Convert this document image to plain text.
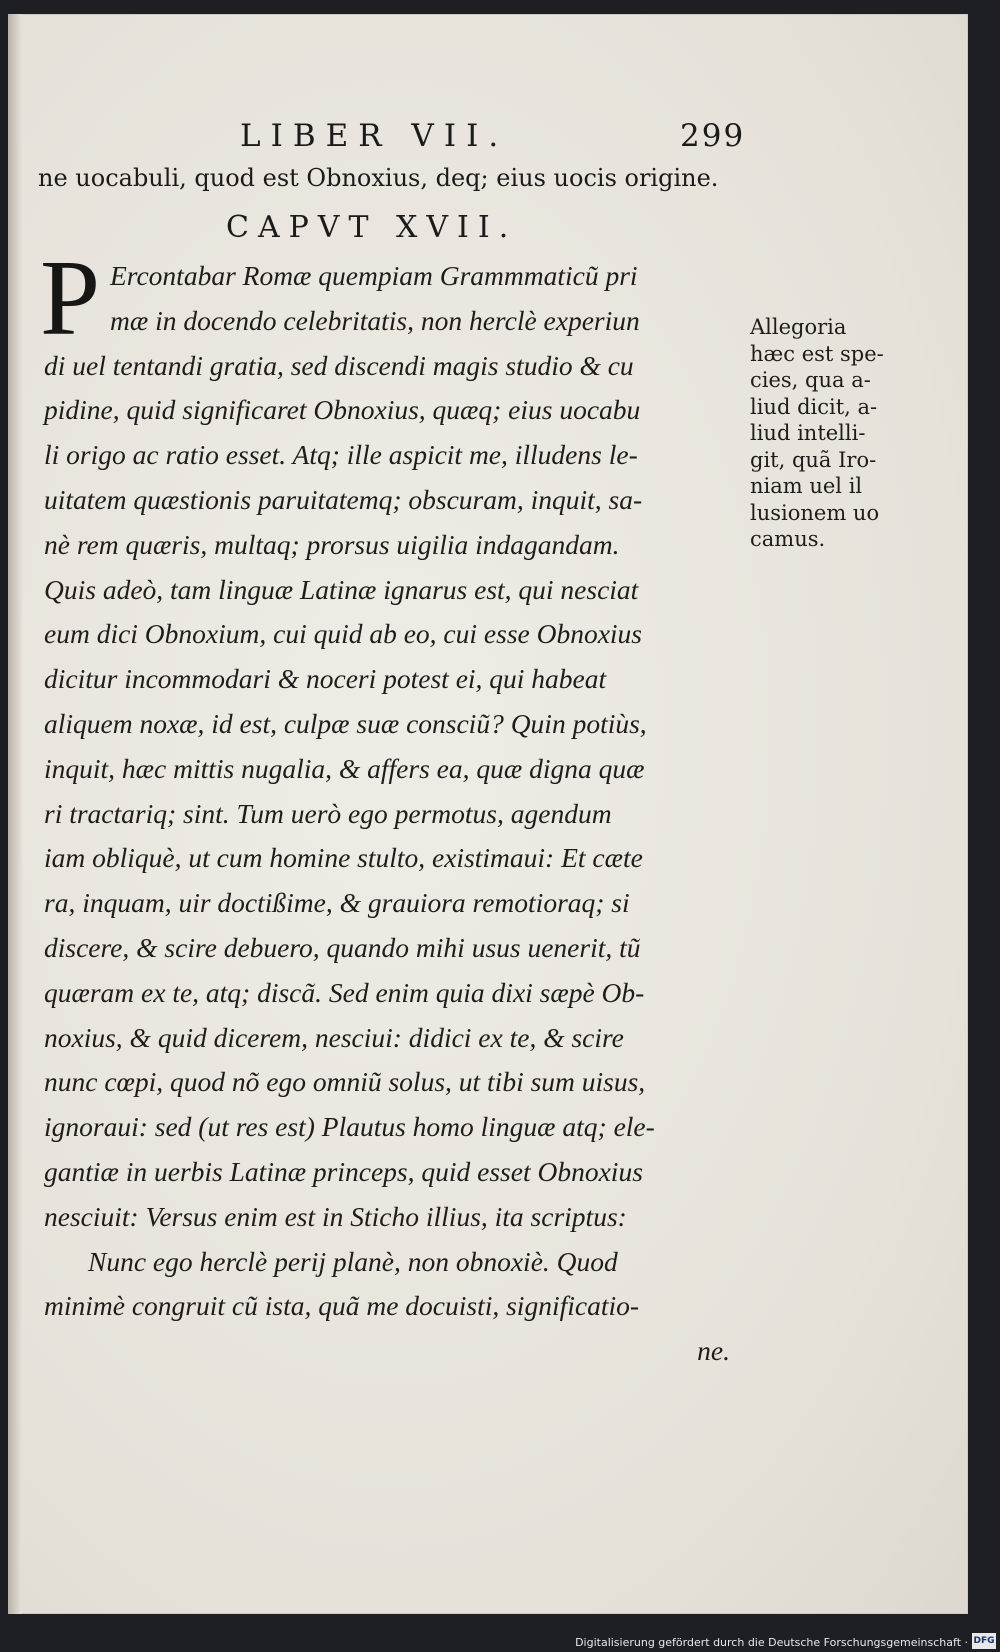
LIBER VII.	299
ne uocabuli, quod est Obnoxius, deq; eius uocis origine.
CAPVT XVII.
P Ercontabar Romæ quempiam Grammmaticũ pri
mæ in docendo celebritatis, non herclè experiun
di uel tentandi gratia, sed discendi magis studio & cu
pidine, quid significaret Obnoxius, quæq; eius uocabu
li origo ac ratio esset. Atq; ille aspicit me, illudens le-
uitatem quæstionis paruitatemq; obscuram, inquit, sa-
nè rem quæris, multaq; prorsus uigilia indagandam.
Quis adeò, tam linguæ Latinæ ignarus est, qui nesciat
eum dici Obnoxium, cui quid ab eo, cui esse Obnoxius
dicitur incommodari & noceri potest ei, qui habeat
aliquem noxæ, id est, culpæ suæ consciũ? Quin potiùs,
inquit, hæc mittis nugalia, & affers ea, quæ digna quæ
ri tractariq; sint. Tum uerò ego permotus, agendum
iam obliquè, ut cum homine stulto, existimaui: Et cæte
ra, inquam, uir doctißime, & grauiora remotioraq; si
discere, & scire debuero, quando mihi usus uenerit, tũ
quæram ex te, atq; discã. Sed enim quia dixi sæpè Ob-
noxius, & quid dicerem, nesciui: didici ex te, & scire
nunc cœpi, quod nõ ego omniũ solus, ut tibi sum uisus,
ignoraui: sed (ut res est) Plautus homo linguæ atq; ele-
gantiæ in uerbis Latinæ princeps, quid esset Obnoxius
nesciuit: Versus enim est in Sticho illius, ita scriptus:
Nunc ego herclè perij planè, non obnoxiè. Quod
minimè congruit cũ ista, quã me docuisti, significatio-
ne.
Allegoria
hæc est spe-
cies, qua a-
liud dicit, a-
liud intelli-
git, quã Iro-
niam uel il
lusionem uo
camus.
Digitalisierung gefördert durch die Deutsche Forschungsgemeinschaft · DFG
